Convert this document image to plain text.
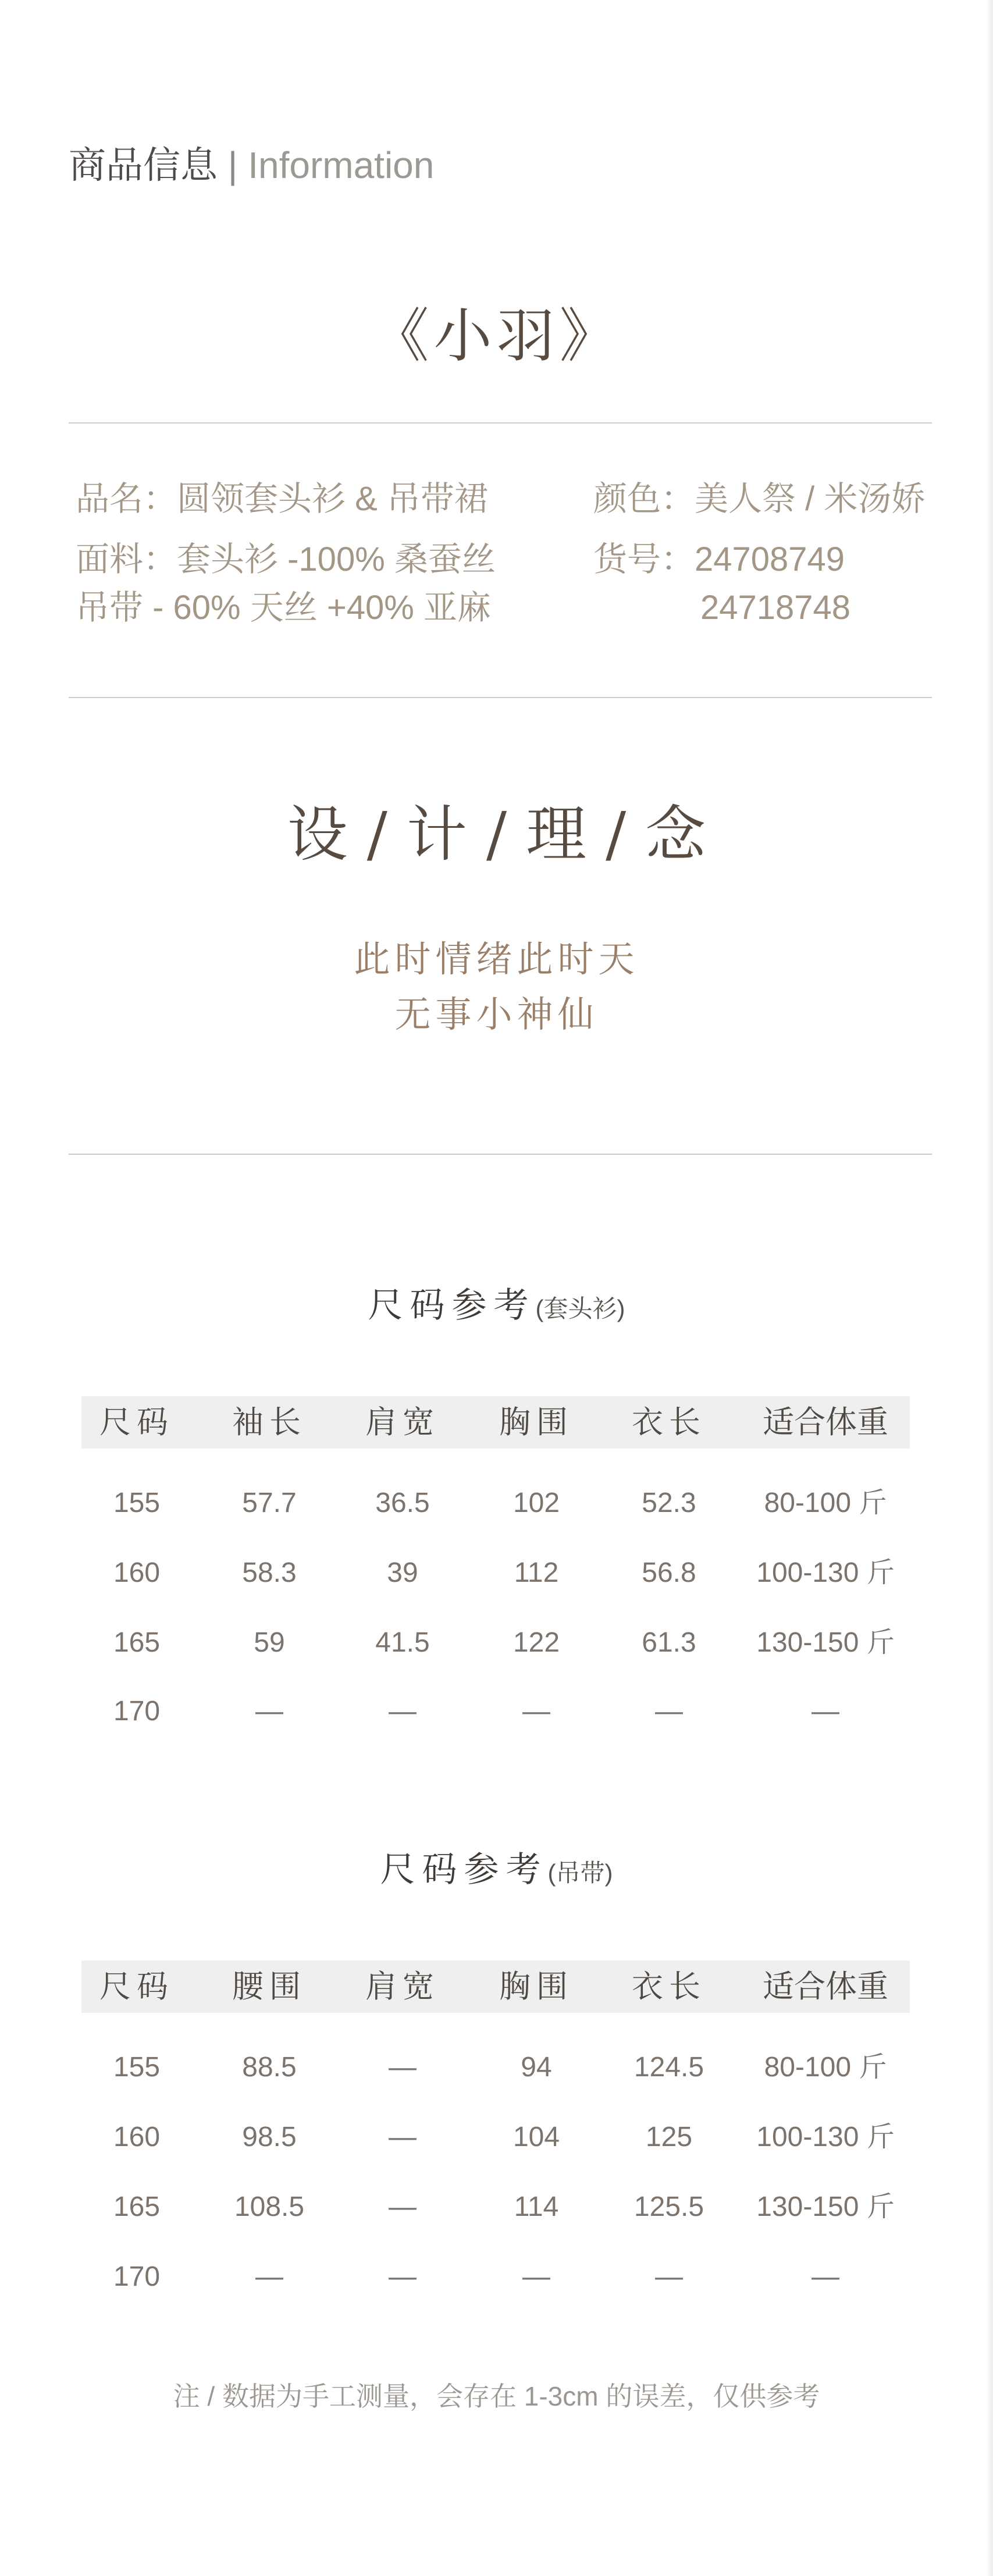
商品信息 | Information
《小羽》
品名：圆领套头衫 & 吊带裙
面料：套头衫 -100% 桑蚕丝
吊带 - 60% 天丝 +40% 亚麻
颜色：美人祭 / 米汤娇
货号：24708749
24718748
设 / 计 / 理 / 念
此时情绪此时天
无事小神仙
尺码参考(套头衫)
尺码 袖长 肩宽 胸围 衣长 适合体重
155	57.7	36.5	102	52.3 80-100 斤
160	58.3	39	112	56.8 100-130 斤
165	59	41.5	122	61.3 130-150 斤
170	—	—	—	—	—
尺码参考(吊带)
尺码 腰围 肩宽 胸围 衣长 适合体重
155	88.5	—	94	124.5 80-100 斤
160	98.5	—	104	125 100-130 斤
165	108.5	—	114	125.5 130-150 斤
170	—	—	—	—	—
注 / 数据为手工测量，会存在 1-3cm 的误差，仅供参考
